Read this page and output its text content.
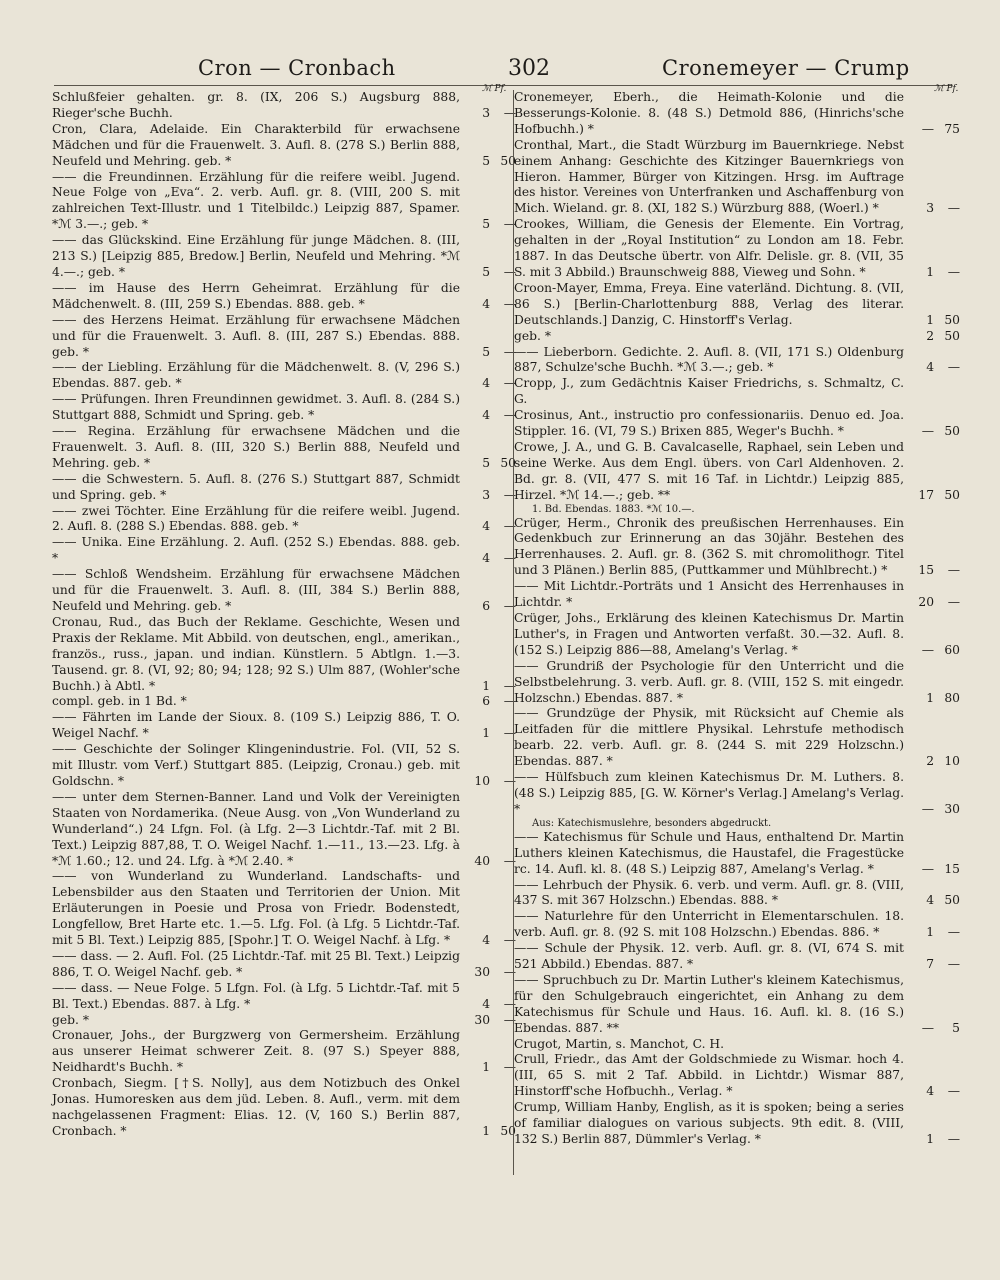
Cron — Cronbach	302	Cronemeyer — Crump
ℳ Pf.
Schlußfeier gehalten. gr. 8. (IX, 206 S.) Augsburg 888, Rieger'sche Buchh.	3 —
Cron, Clara, Adelaide. Ein Charakterbild für erwachsene Mädchen und für die Frauenwelt. 3. Aufl. 8. (278 S.) Berlin 888, Neufeld und Mehring. geb. *	5 50
—— die Freundinnen. Erzählung für die reifere weibl. Jugend. Neue Folge von „Eva“. 2. verb. Aufl. gr. 8. (VIII, 200 S. mit zahlreichen Text-Illustr. und 1 Titelbildc.) Leipzig 887, Spamer. *ℳ 3.—.; geb. *	5 —
—— das Glückskind. Eine Erzählung für junge Mädchen. 8. (III, 213 S.) [Leipzig 885, Bredow.] Berlin, Neufeld und Mehring. *ℳ 4.—.; geb. *	5 —
—— im Hause des Herrn Geheimrat. Erzählung für die Mädchenwelt. 8. (III, 259 S.) Ebendas. 888. geb. *	4 —
—— des Herzens Heimat. Erzählung für erwachsene Mädchen und für die Frauenwelt. 3. Aufl. 8. (III, 287 S.) Ebendas. 888. geb. *	5 —
—— der Liebling. Erzählung für die Mädchenwelt. 8. (V, 296 S.) Ebendas. 887. geb. *	4 —
—— Prüfungen. Ihren Freundinnen gewidmet. 3. Aufl. 8. (284 S.) Stuttgart 888, Schmidt und Spring. geb. *	4 —
—— Regina. Erzählung für erwachsene Mädchen und die Frauenwelt. 3. Aufl. 8. (III, 320 S.) Berlin 888, Neufeld und Mehring. geb. *	5 50
—— die Schwestern. 5. Aufl. 8. (276 S.) Stuttgart 887, Schmidt und Spring. geb. *	3 —
—— zwei Töchter. Eine Erzählung für die reifere weibl. Jugend. 2. Aufl. 8. (288 S.) Ebendas. 888. geb. *	4 —
—— Unika. Eine Erzählung. 2. Aufl. (252 S.) Ebendas. 888. geb. *	4 —
—— Schloß Wendsheim. Erzählung für erwachsene Mädchen und für die Frauenwelt. 3. Aufl. 8. (III, 384 S.) Berlin 888, Neufeld und Mehring. geb. *	6 —
Cronau, Rud., das Buch der Reklame. Geschichte, Wesen und Praxis der Reklame. Mit Abbild. von deutschen, engl., amerikan., französ., russ., japan. und indian. Künstlern. 5 Abtlgn. 1.—3. Tausend. gr. 8. (VI, 92; 80; 94; 128; 92 S.) Ulm 887, (Wohler'sche Buchh.) à Abtl. *	1 —
compl. geb. in 1 Bd. *	6 —
—— Fährten im Lande der Sioux. 8. (109 S.) Leipzig 886, T. O. Weigel Nachf. *	1 —
—— Geschichte der Solinger Klingenindustrie. Fol. (VII, 52 S. mit Illustr. vom Verf.) Stuttgart 885. (Leipzig, Cronau.) geb. mit Goldschn. *	10 —
—— unter dem Sternen-Banner. Land und Volk der Vereinigten Staaten von Nordamerika. (Neue Ausg. von „Von Wunderland zu Wunderland“.) 24 Lfgn. Fol. (à Lfg. 2—3 Lichtdr.-Taf. mit 2 Bl. Text.) Leipzig 887,88, T. O. Weigel Nachf. 1.—11., 13.—23. Lfg. à *ℳ 1.60.; 12. und 24. Lfg. à *ℳ 2.40. *	40 —
—— von Wunderland zu Wunderland. Landschafts- und Lebensbilder aus den Staaten und Territorien der Union. Mit Erläuterungen in Poesie und Prosa von Friedr. Bodenstedt, Longfellow, Bret Harte etc. 1.—5. Lfg. Fol. (à Lfg. 5 Lichtdr.-Taf. mit 5 Bl. Text.) Leipzig 885, [Spohr.] T. O. Weigel Nachf. à Lfg. *	4 —
—— dass. — 2. Aufl. Fol. (25 Lichtdr.-Taf. mit 25 Bl. Text.) Leipzig 886, T. O. Weigel Nachf. geb. *	30 —
—— dass. — Neue Folge. 5 Lfgn. Fol. (à Lfg. 5 Lichtdr.-Taf. mit 5 Bl. Text.) Ebendas. 887. à Lfg. *	4 —
geb. *	30 —
Cronauer, Johs., der Burgzwerg von Germersheim. Erzählung aus unserer Heimat schwerer Zeit. 8. (97 S.) Speyer 888, Neidhardt's Buchh. *	1 —
Cronbach, Siegm. [†S. Nolly], aus dem Notizbuch des Onkel Jonas. Humoresken aus dem jüd. Leben. 8. Aufl., verm. mit dem nachgelassenen Fragment: Elias. 12. (V, 160 S.) Berlin 887, Cronbach. *	1 50
ℳ Pf.
Cronemeyer, Eberh., die Heimath-Kolonie und die Besserungs-Kolonie. 8. (48 S.) Detmold 886, (Hinrichs'sche Hofbuchh.) *	— 75
Cronthal, Mart., die Stadt Würzburg im Bauernkriege. Nebst einem Anhang: Geschichte des Kitzinger Bauernkriegs von Hieron. Hammer, Bürger von Kitzingen. Hrsg. im Auftrage des histor. Vereines von Unterfranken und Aschaffenburg von Mich. Wieland. gr. 8. (XI, 182 S.) Würzburg 888, (Woerl.) *	3 —
Crookes, William, die Genesis der Elemente. Ein Vortrag, gehalten in der „Royal Institution“ zu London am 18. Febr. 1887. In das Deutsche übertr. von Alfr. Delisle. gr. 8. (VII, 35 S. mit 3 Abbild.) Braunschweig 888, Vieweg und Sohn. *	1 —
Croon-Mayer, Emma, Freya. Eine vaterländ. Dichtung. 8. (VII, 86 S.) [Berlin-Charlottenburg 888, Verlag des literar. Deutschlands.] Danzig, C. Hinstorff's Verlag.	1 50
geb. *	2 50
—— Lieberborn. Gedichte. 2. Aufl. 8. (VII, 171 S.) Oldenburg 887, Schulze'sche Buchh. *ℳ 3.—.; geb. *	4 —
Cropp, J., zum Gedächtnis Kaiser Friedrichs, s. Schmaltz, C. G.
Crosinus, Ant., instructio pro confessionariis. Denuo ed. Joa. Stippler. 16. (VI, 79 S.) Brixen 885, Weger's Buchh. *	— 50
Crowe, J. A., und G. B. Cavalcaselle, Raphael, sein Leben und seine Werke. Aus dem Engl. übers. von Carl Aldenhoven. 2. Bd. gr. 8. (VII, 477 S. mit 16 Taf. in Lichtdr.) Leipzig 885, Hirzel. *ℳ 14.—.; geb. **	17 50
1. Bd. Ebendas. 1883. *ℳ 10.—.
Crüger, Herm., Chronik des preußischen Herrenhauses. Ein Gedenkbuch zur Erinnerung an das 30jähr. Bestehen des Herrenhauses. 2. Aufl. gr. 8. (362 S. mit chromolithogr. Titel und 3 Plänen.) Berlin 885, (Puttkammer und Mühlbrecht.) *	15 —
—— Mit Lichtdr.-Porträts und 1 Ansicht des Herrenhauses in Lichtdr. *	20 —
Crüger, Johs., Erklärung des kleinen Katechismus Dr. Martin Luther's, in Fragen und Antworten verfaßt. 30.—32. Aufl. 8. (152 S.) Leipzig 886—88, Amelang's Verlag. *	— 60
—— Grundriß der Psychologie für den Unterricht und die Selbstbelehrung. 3. verb. Aufl. gr. 8. (VIII, 152 S. mit eingedr. Holzschn.) Ebendas. 887. *	1 80
—— Grundzüge der Physik, mit Rücksicht auf Chemie als Leitfaden für die mittlere Physikal. Lehrstufe methodisch bearb. 22. verb. Aufl. gr. 8. (244 S. mit 229 Holzschn.) Ebendas. 887. *	2 10
—— Hülfsbuch zum kleinen Katechismus Dr. M. Luthers. 8. (48 S.) Leipzig 885, [G. W. Körner's Verlag.] Amelang's Verlag. *	— 30
Aus: Katechismuslehre, besonders abgedruckt.
—— Katechismus für Schule und Haus, enthaltend Dr. Martin Luthers kleinen Katechismus, die Haustafel, die Fragestücke rc. 14. Aufl. kl. 8. (48 S.) Leipzig 887, Amelang's Verlag. *	— 15
—— Lehrbuch der Physik. 6. verb. und verm. Aufl. gr. 8. (VIII, 437 S. mit 367 Holzschn.) Ebendas. 888. *	4 50
—— Naturlehre für den Unterricht in Elementarschulen. 18. verb. Aufl. gr. 8. (92 S. mit 108 Holzschn.) Ebendas. 886. *	1 —
—— Schule der Physik. 12. verb. Aufl. gr. 8. (VI, 674 S. mit 521 Abbild.) Ebendas. 887. *	7 —
—— Spruchbuch zu Dr. Martin Luther's kleinem Katechismus, für den Schulgebrauch eingerichtet, ein Anhang zu dem Katechismus für Schule und Haus. 16. Aufl. kl. 8. (16 S.) Ebendas. 887. **	— 5
Crugot, Martin, s. Manchot, C. H.
Crull, Friedr., das Amt der Goldschmiede zu Wismar. hoch 4. (III, 65 S. mit 2 Taf. Abbild. in Lichtdr.) Wismar 887, Hinstorff'sche Hofbuchh., Verlag. *	4 —
Crump, William Hanby, English, as it is spoken; being a series of familiar dialogues on various subjects. 9th edit. 8. (VIII, 132 S.) Berlin 887, Dümmler's Verlag. *	1 —
